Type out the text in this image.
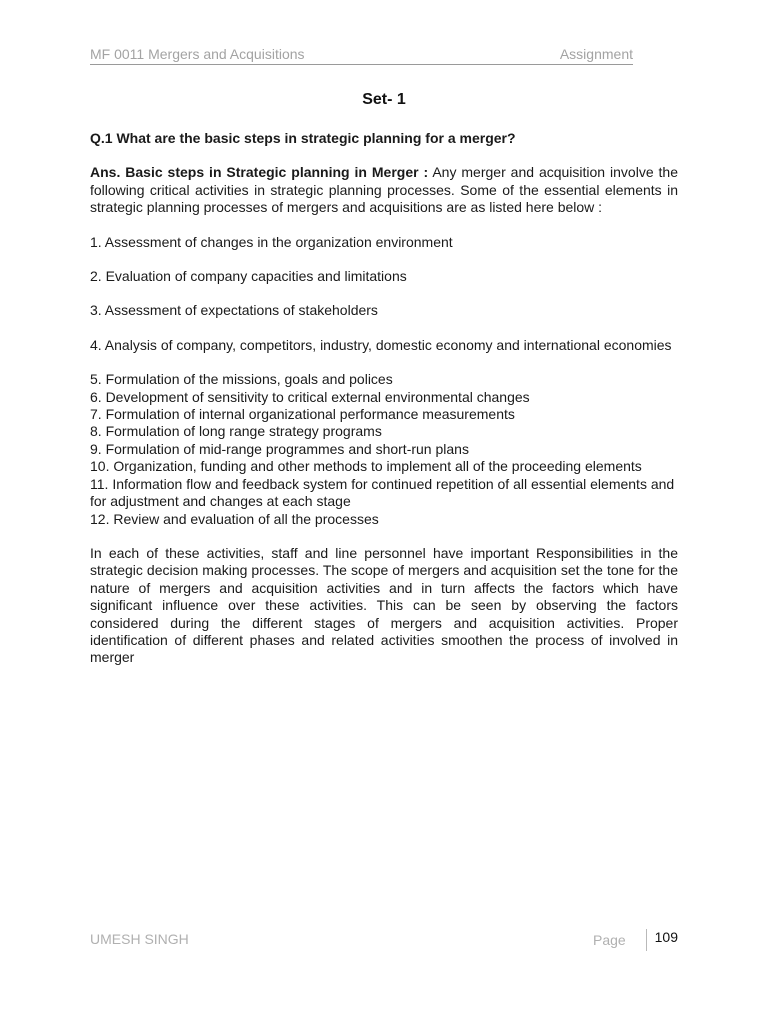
MF 0011 Mergers and Acquisitions	Assignment
Set- 1

Q.1 What are the basic steps in strategic planning for a merger?

Ans. Basic steps in Strategic planning in Merger : Any merger and acquisition involve the following critical activities in strategic planning processes. Some of the essential elements in strategic planning processes of mergers and acquisitions are as listed here below :

1. Assessment of changes in the organization environment
2. Evaluation of company capacities and limitations
3. Assessment of expectations of stakeholders
4. Analysis of company, competitors, industry, domestic economy and international economies
5. Formulation of the missions, goals and polices
6. Development of sensitivity to critical external environmental changes
7. Formulation of internal organizational performance measurements
8. Formulation of long range strategy programs
9. Formulation of mid-range programmes and short-run plans
10. Organization, funding and other methods to implement all of the proceeding elements
11. Information flow and feedback system for continued repetition of all essential elements and for adjustment and changes at each stage
12. Review and evaluation of all the processes

In each of these activities, staff and line personnel have important Responsibilities in the strategic decision making processes. The scope of mergers and acquisition set the tone for the nature of mergers and acquisition activities and in turn affects the factors which have significant influence over these activities. This can be seen by observing the factors considered during the different stages of mergers and acquisition activities. Proper identification of different phases and related activities smoothen the process of involved in merger

UMESH SINGH	Page	109
